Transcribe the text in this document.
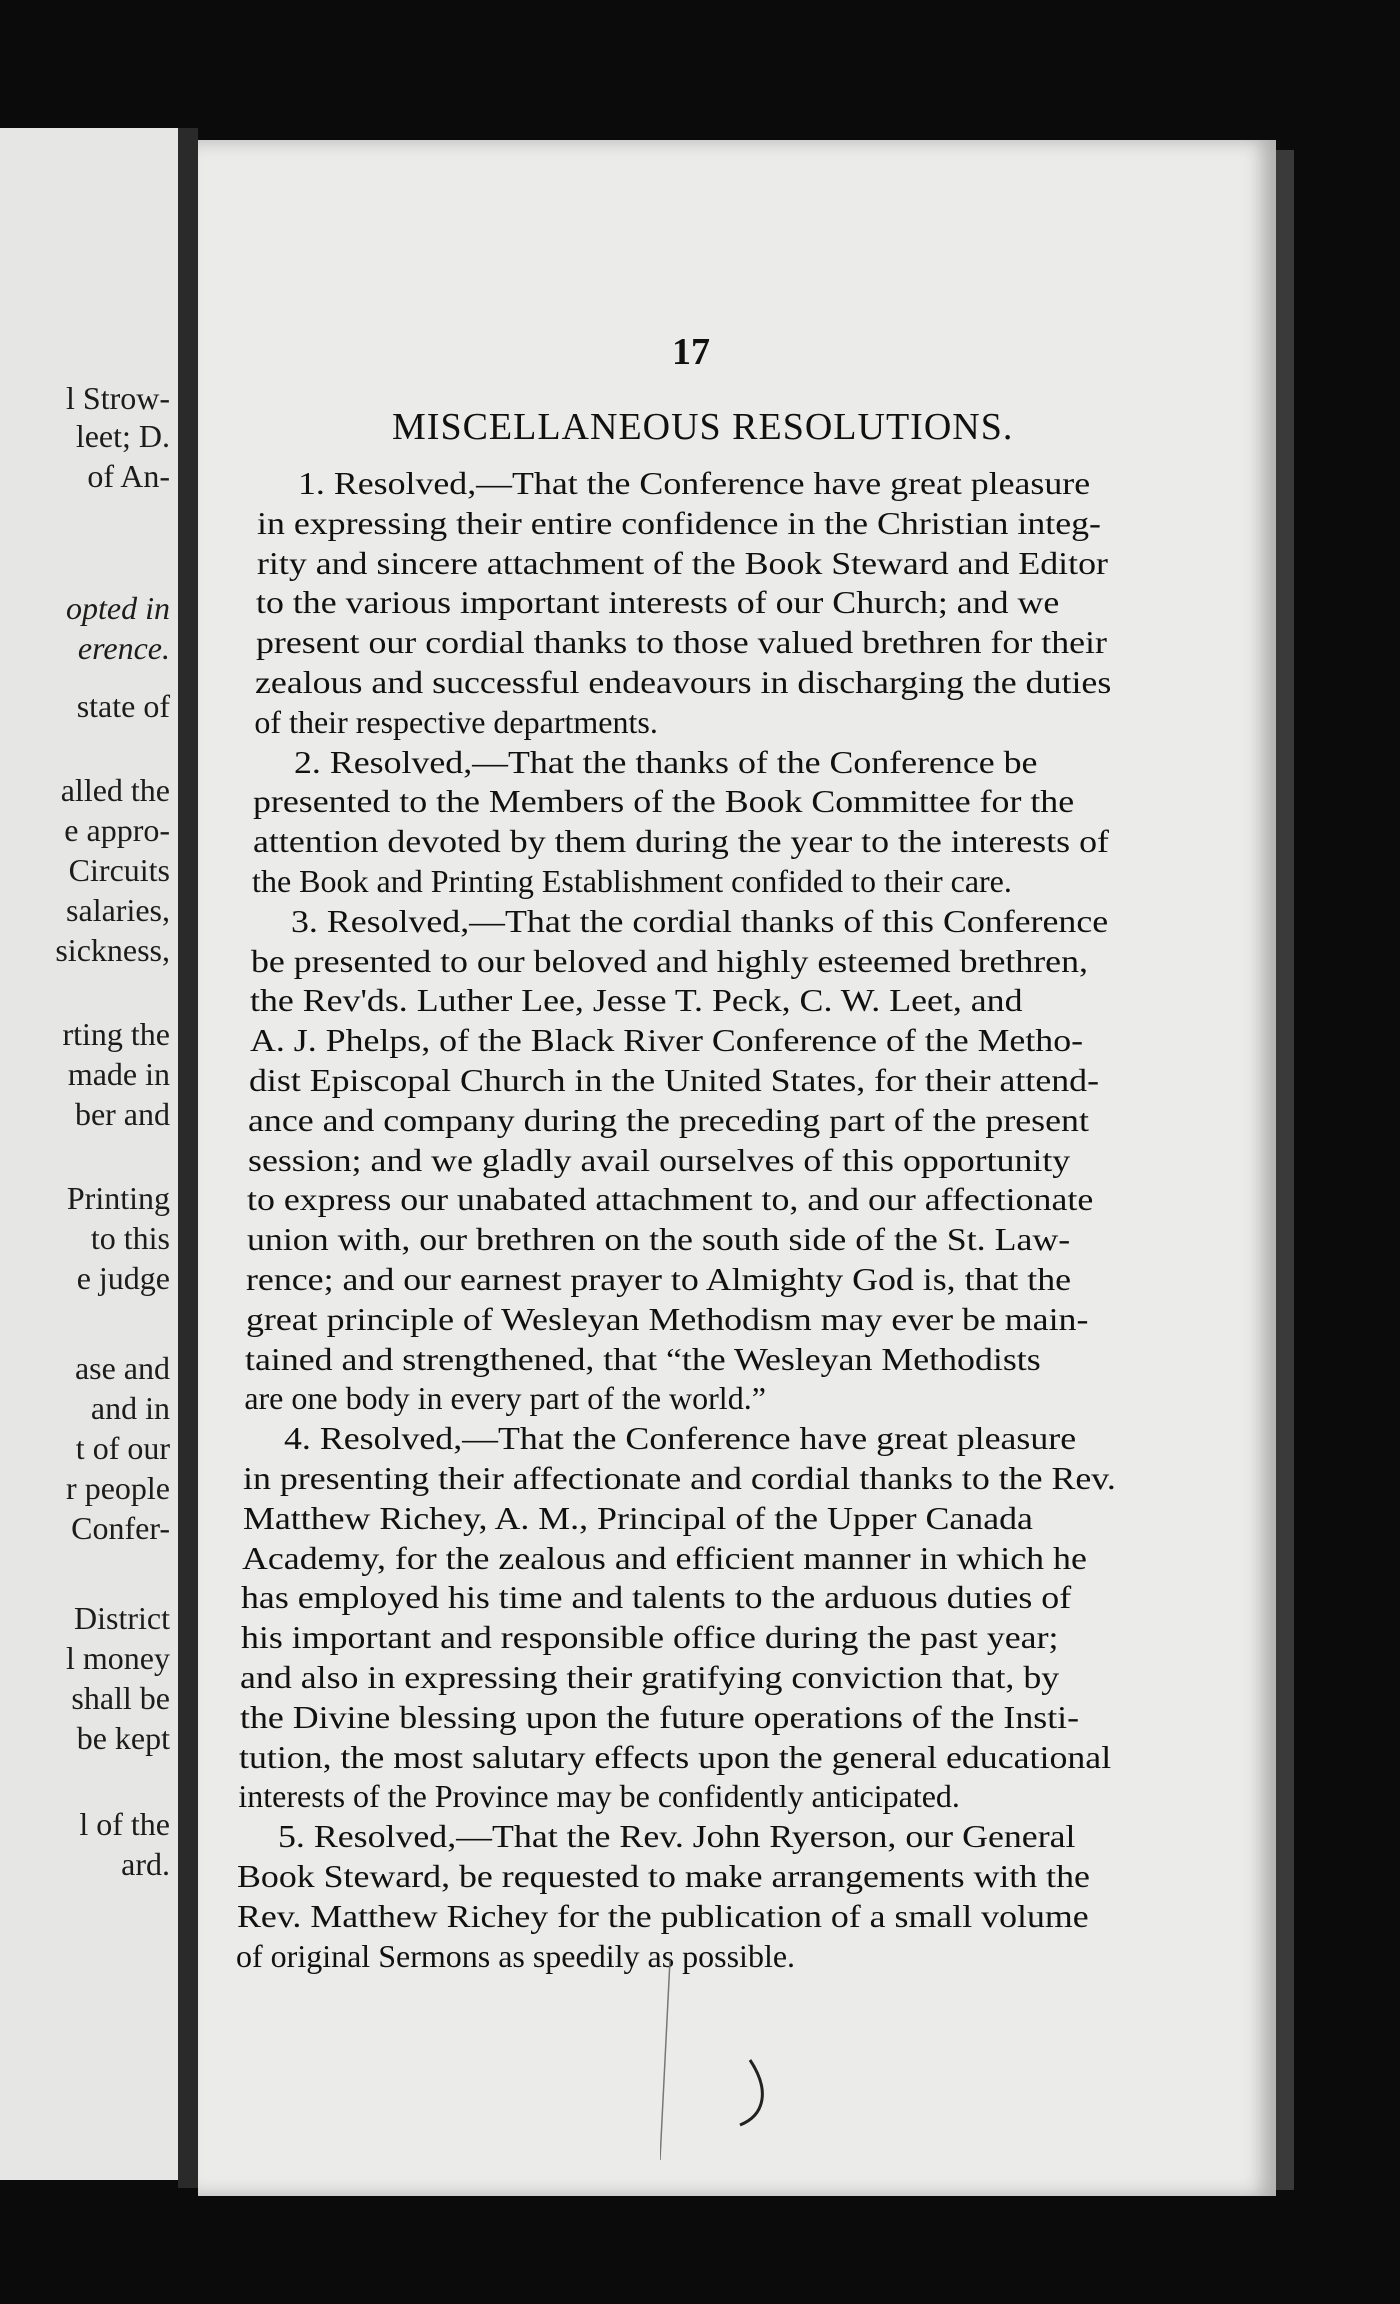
l Strow-
leet; D.
of An-
opted in
erence.
state of
alled the
e appro-
Circuits
salaries,
sickness,
rting the
made in
ber and
Printing
to this
e judge
ase and
and in
t of our
r people
Confer-
District
l money
shall be
be kept
l of the
ard.
17
MISCELLANEOUS RESOLUTIONS.
1. Resolved,—That the Conference have great pleasure
in expressing their entire confidence in the Christian integ-
rity and sincere attachment of the Book Steward and Editor
to the various important interests of our Church; and we
present our cordial thanks to those valued brethren for their
zealous and successful endeavours in discharging the duties
of their respective departments.
2. Resolved,—That the thanks of the Conference be
presented to the Members of the Book Committee for the
attention devoted by them during the year to the interests of
the Book and Printing Establishment confided to their care.
3. Resolved,—That the cordial thanks of this Conference
be presented to our beloved and highly esteemed brethren,
the Rev'ds. Luther Lee, Jesse T. Peck, C. W. Leet, and
A. J. Phelps, of the Black River Conference of the Metho-
dist Episcopal Church in the United States, for their attend-
ance and company during the preceding part of the present
session; and we gladly avail ourselves of this opportunity
to express our unabated attachment to, and our affectionate
union with, our brethren on the south side of the St. Law-
rence; and our earnest prayer to Almighty God is, that the
great principle of Wesleyan Methodism may ever be main-
tained and strengthened, that “the Wesleyan Methodists
are one body in every part of the world.”
4. Resolved,—That the Conference have great pleasure
in presenting their affectionate and cordial thanks to the Rev.
Matthew Richey, A. M., Principal of the Upper Canada
Academy, for the zealous and efficient manner in which he
has employed his time and talents to the arduous duties of
his important and responsible office during the past year;
and also in expressing their gratifying conviction that, by
the Divine blessing upon the future operations of the Insti-
tution, the most salutary effects upon the general educational
interests of the Province may be confidently anticipated.
5. Resolved,—That the Rev. John Ryerson, our General
Book Steward, be requested to make arrangements with the
Rev. Matthew Richey for the publication of a small volume
of original Sermons as speedily as possible.
